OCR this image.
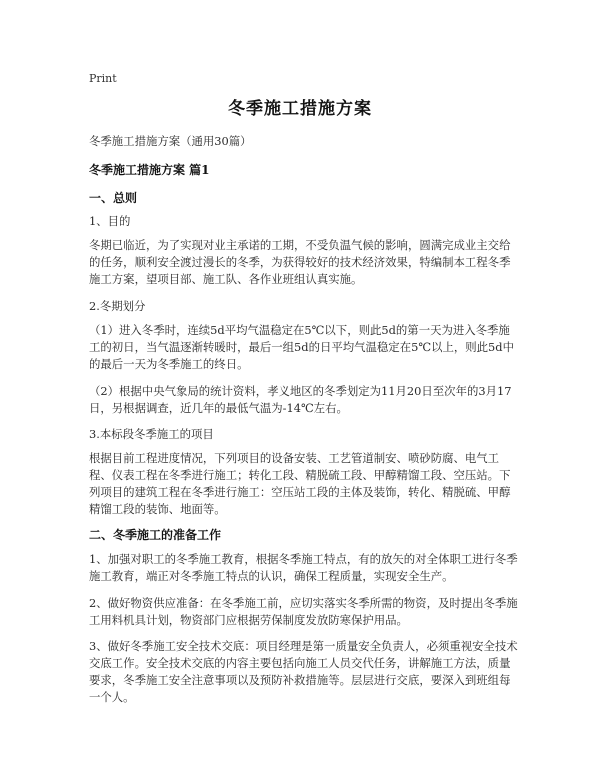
Print
冬季施工措施方案
冬季施工措施方案（通用30篇）
冬季施工措施方案 篇1
一、总则
1、目的

冬期已临近，为了实现对业主承诺的工期，不受负温气候的影响，圆满完成业主交给的任务，顺利安全渡过漫长的冬季，为获得较好的技术经济效果，特编制本工程冬季施工方案，望项目部、施工队、各作业班组认真实施。

2.冬期划分

（1）进入冬季时，连续5d平均气温稳定在5℃以下，则此5d的第一天为进入冬季施工的初日，当气温逐渐转暖时，最后一组5d的日平均气温稳定在5℃以上，则此5d中的最后一天为冬季施工的终日。

（2）根据中央气象局的统计资料，孝义地区的冬季划定为11月20日至次年的3月17日，另根据调查，近几年的最低气温为-14℃左右。

3.本标段冬季施工的项目

根据目前工程进度情况，下列项目的设备安装、工艺管道制安、喷砂防腐、电气工程、仪表工程在冬季进行施工；转化工段、精脱硫工段、甲醇精馏工段、空压站。下列项目的建筑工程在冬季进行施工：空压站工段的主体及装饰，转化、精脱硫、甲醇精馏工段的装饰、地面等。

二、冬季施工的准备工作

1、加强对职工的冬季施工教育，根据冬季施工特点，有的放矢的对全体职工进行冬季施工教育，端正对冬季施工特点的认识，确保工程质量，实现安全生产。

2、做好物资供应准备：在冬季施工前，应切实落实冬季所需的物资，及时提出冬季施工用料机具计划，物资部门应根据劳保制度发放防寒保护用品。

3、做好冬季施工安全技术交底：项目经理是第一质量安全负责人，必须重视安全技术交底工作。安全技术交底的内容主要包括向施工人员交代任务，讲解施工方法，质量要求，冬季施工安全注意事项以及预防补救措施等。层层进行交底，要深入到班组每一个人。
